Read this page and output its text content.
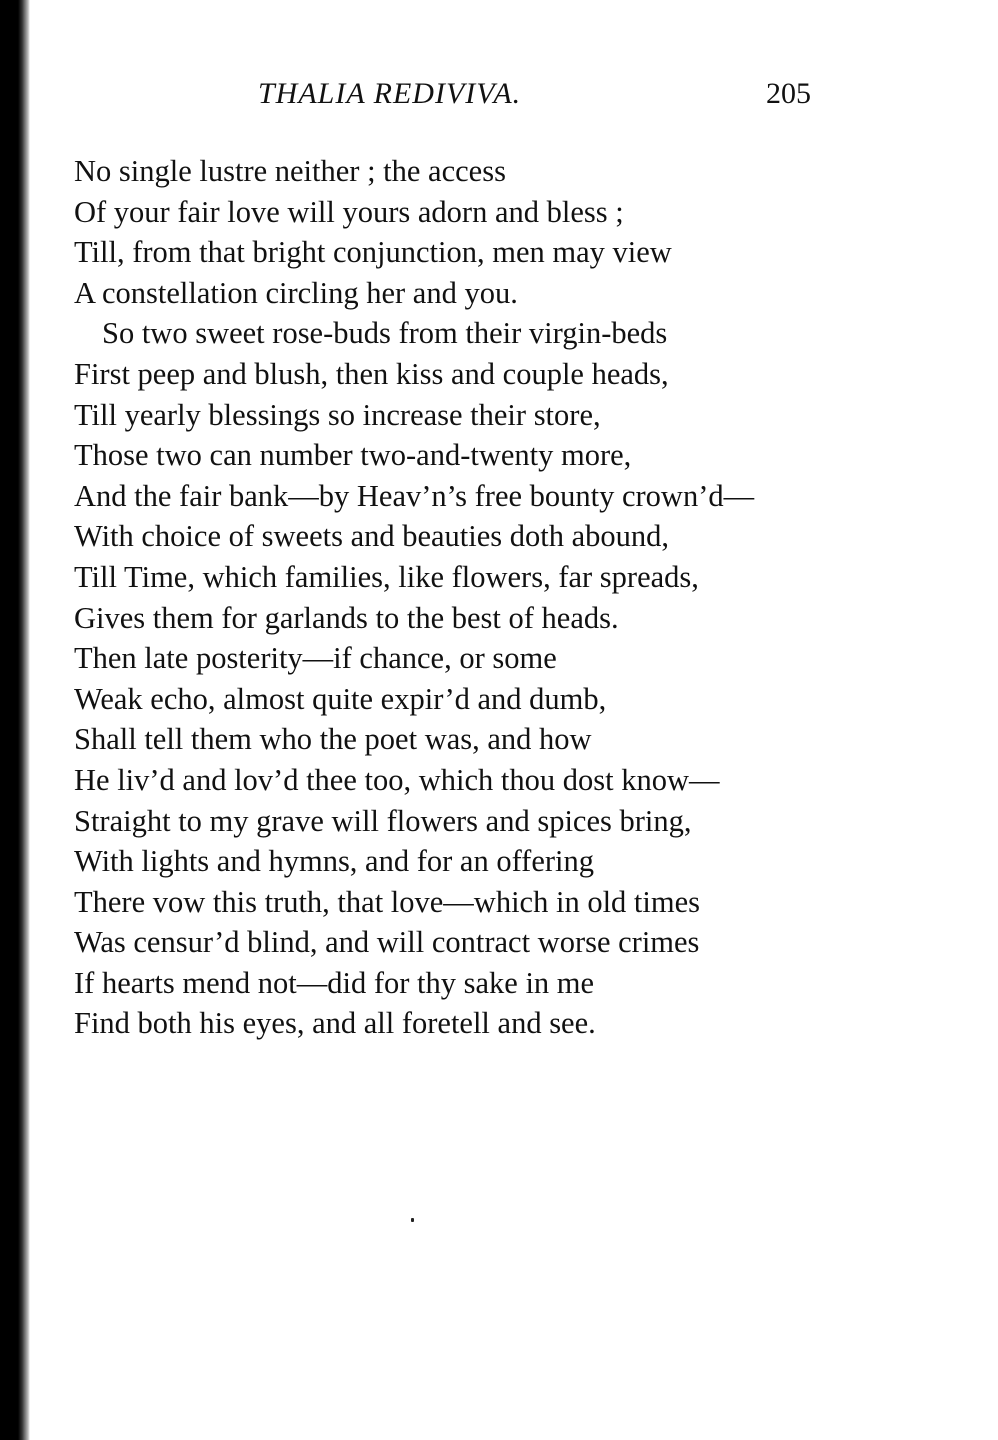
THALIA REDIVIVA.	205
No single lustre neither ; the access
Of your fair love will yours adorn and bless ;
Till, from that bright conjunction, men may view
A constellation circling her and you.
So two sweet rose-buds from their virgin-beds
First peep and blush, then kiss and couple heads,
Till yearly blessings so increase their store,
Those two can number two-and-twenty more,
And the fair bank—by Heav’n’s free bounty crown’d—
With choice of sweets and beauties doth abound,
Till Time, which families, like flowers, far spreads,
Gives them for garlands to the best of heads.
Then late posterity—if chance, or some
Weak echo, almost quite expir’d and dumb,
Shall tell them who the poet was, and how
He liv’d and lov’d thee too, which thou dost know—
Straight to my grave will flowers and spices bring,
With lights and hymns, and for an offering
There vow this truth, that love—which in old times
Was censur’d blind, and will contract worse crimes
If hearts mend not—did for thy sake in me
Find both his eyes, and all foretell and see.
